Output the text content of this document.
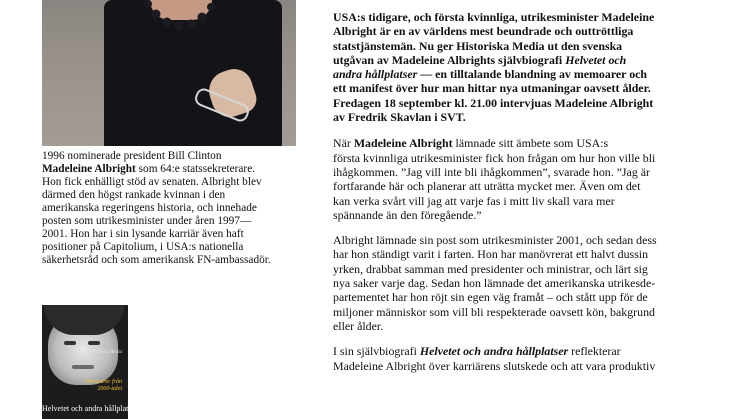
1996 nominerade president Bill Clinton
Madeleine Albright som 64:e statssekreterare.
Hon fick enhälligt stöd av senaten. Albright blev
därmed den högst rankade kvinnan i den
amerikanska regeringens historia, och innehade
posten som utrikesminister under åren 1997—
2001. Hon har i sin lysande karriär även haft
positioner på Capitolium, i USA:s nationella
säkerhetsråd och som amerikansk FN-ambassadör.
Historiska Media
Memoarer från 2000-talet
Helvetet och andra hållplatser
USA:s tidigare, och första kvinnliga, utrikesminister Madeleine
Albright är en av världens mest beundrade och outtröttliga
statstjänstemän. Nu ger Historiska Media ut den svenska
utgåvan av Madeleine Albrights självbiografi Helvetet och
andra hållplatser — en tilltalande blandning av memoarer och
ett manifest över hur man hittar nya utmaningar oavsett ålder.
Fredagen 18 september kl. 21.00 intervjuas Madeleine Albright
av Fredrik Skavlan i SVT.
När Madeleine Albright lämnade sitt ämbete som USA:s
första kvinnliga utrikesminister fick hon frågan om hur hon ville bli
ihågkommen. ”Jag vill inte bli ihågkommen”, svarade hon. ”Jag är
fortfarande här och planerar att uträtta mycket mer. Även om det
kan verka svårt vill jag att varje fas i mitt liv skall vara mer
spännande än den föregående.”
Albright lämnade sin post som utrikesminister 2001, och sedan dess
har hon ständigt varit i farten. Hon har manövrerat ett halvt dussin
yrken, drabbat samman med presidenter och ministrar, och lärt sig
nya saker varje dag. Sedan hon lämnade det amerikanska utrikesde-
partementet har hon röjt sin egen väg framåt – och stått upp för de
miljoner människor som vill bli respekterade oavsett kön, bakgrund
eller ålder.
I sin självbiografi Helvetet och andra hållplatser reflekterar
Madeleine Albright över karriärens slutskede och att vara produktiv
